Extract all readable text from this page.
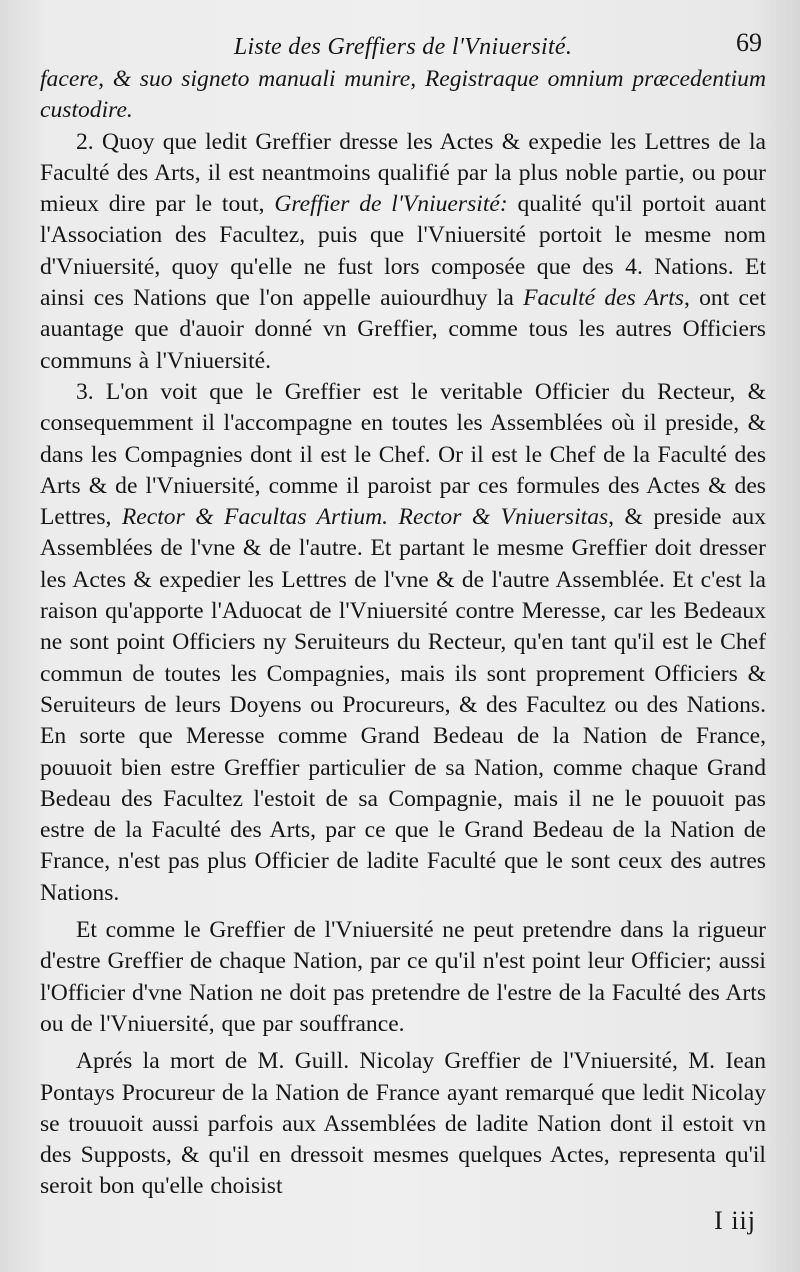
Liste des Greffiers de l'Vniuersité.	69

facere, & suo signeto manuali munire, Registraque omnium præcedentium custodire.

2. Quoy que ledit Greffier dresse les Actes & expedie les Lettres de la Faculté des Arts, il est neantmoins qualifié par la plus noble partie, ou pour mieux dire par le tout, Greffier de l'Vniuersité: qualité qu'il portoit auant l'Association des Facultez, puis que l'Vniuersité portoit le mesme nom d'Vniuersité, quoy qu'elle ne fust lors composée que des 4. Nations. Et ainsi ces Nations que l'on appelle auiourdhuy la Faculté des Arts, ont cet auantage que d'auoir donné vn Greffier, comme tous les autres Officiers communs à l'Vniuersité.

3. L'on voit que le Greffier est le veritable Officier du Recteur, & consequemment il l'accompagne en toutes les Assemblées où il preside, & dans les Compagnies dont il est le Chef. Or il est le Chef de la Faculté des Arts & de l'Vniuersité, comme il paroist par ces formules des Actes & des Lettres, Rector & Facultas Artium. Rector & Vniuersitas, & preside aux Assemblées de l'vne & de l'autre. Et partant le mesme Greffier doit dresser les Actes & expedier les Lettres de l'vne & de l'autre Assemblée. Et c'est la raison qu'apporte l'Aduocat de l'Vniuersité contre Meresse, car les Bedeaux ne sont point Officiers ny Seruiteurs du Recteur, qu'en tant qu'il est le Chef commun de toutes les Compagnies, mais ils sont proprement Officiers & Seruiteurs de leurs Doyens ou Procureurs, & des Facultez ou des Nations. En sorte que Meresse comme Grand Bedeau de la Nation de France, pouuoit bien estre Greffier particulier de sa Nation, comme chaque Grand Bedeau des Facultez l'estoit de sa Compagnie, mais il ne le pouuoit pas estre de la Faculté des Arts, par ce que le Grand Bedeau de la Nation de France, n'est pas plus Officier de ladite Faculté que le sont ceux des autres Nations.

Et comme le Greffier de l'Vniuersité ne peut pretendre dans la rigueur d'estre Greffier de chaque Nation, par ce qu'il n'est point leur Officier; aussi l'Officier d'vne Nation ne doit pas pretendre de l'estre de la Faculté des Arts ou de l'Vniuersité, que par souffrance.

Aprés la mort de M. Guill. Nicolay Greffier de l'Vniuersité, M. Iean Pontays Procureur de la Nation de France ayant remarqué que ledit Nicolay se trouuoit aussi parfois aux Assemblées de ladite Nation dont il estoit vn des Supposts, & qu'il en dressoit mesmes quelques Actes, representa qu'il seroit bon qu'elle choisist

I iij
